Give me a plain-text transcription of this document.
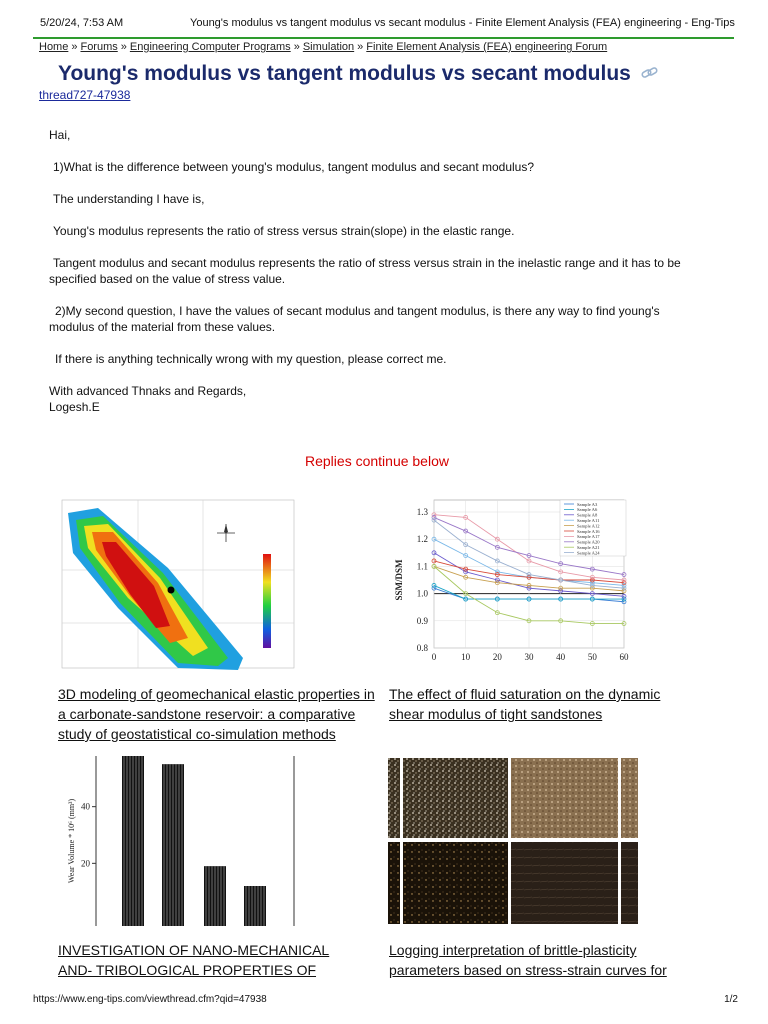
5/20/24, 7:53 AM	Young's modulus vs tangent modulus vs secant modulus - Finite Element Analysis (FEA) engineering - Eng-Tips
Home » Forums » Engineering Computer Programs » Simulation » Finite Element Analysis (FEA) engineering Forum
Young's modulus vs tangent modulus vs secant modulus
thread727-47938

Hai,

1)What is the difference between young's modulus, tangent modulus and secant modulus?

The understanding I have is,

Young's modulus represents the ratio of stress versus strain(slope) in the elastic range.

Tangent modulus and secant modulus represents the ratio of stress versus strain in the inelastic range and it has to be specified based on the value of stress value.

2)My second question, I have the values of secant modulus and tangent modulus, is there any way to find young's modulus of the material from these values.

If there is anything technically wrong with my question, please correct me.

With advanced Thnaks and Regards,

Logesh.E

Replies continue below
3D modeling of geomechanical elastic properties in a carbonate-sandstone reservoir: a comparative study of geostatistical co-simulation methods
0.8
0.9
1.0
1.1
1.2
1.3
0	10	20	30	40	50	60
SSM/DSM
Sample A3
Sample A6
Sample A8
Sample A11
Sample A12
Sample A16
Sample A17
Sample A20
Sample A21
Sample A24
The effect of fluid saturation on the dynamic shear modulus of tight sandstones
20
40
Wear Volume * 10⁶ (mm³)
INVESTIGATION OF NANO-MECHANICAL AND- TRIBOLOGICAL PROPERTIES OF
Logging interpretation of brittle-plasticity parameters based on stress-strain curves for
https://www.eng-tips.com/viewthread.cfm?qid=47938	1/2
